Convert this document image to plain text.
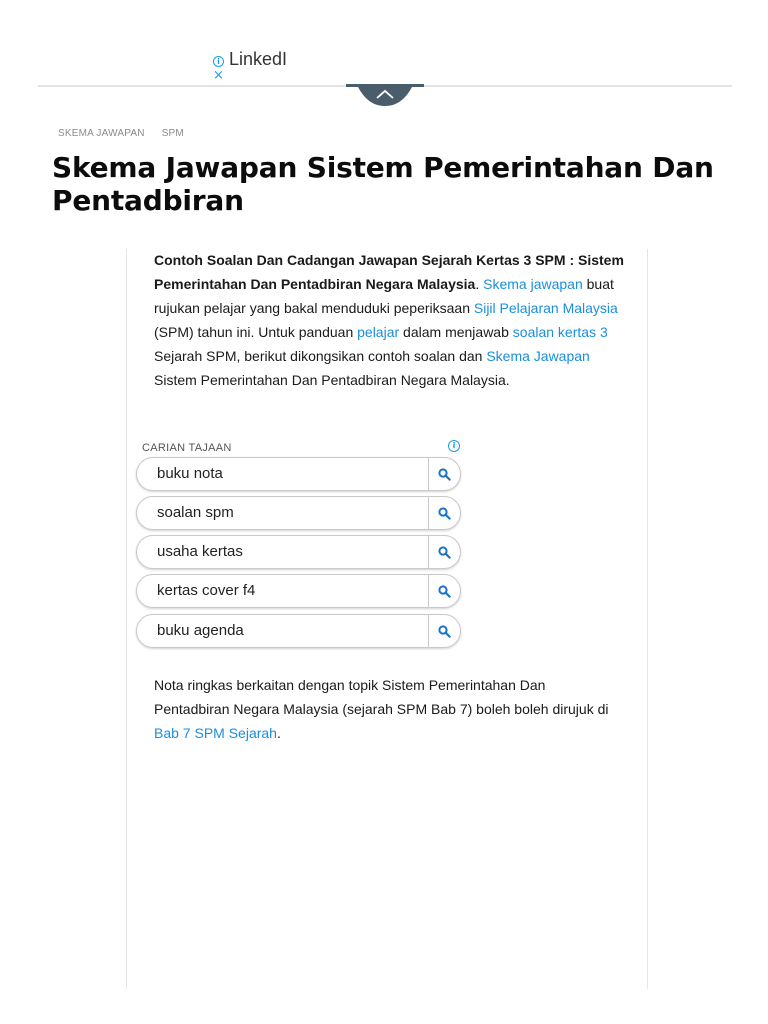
i
×
LinkedI
SKEMA JAWAPAN SPM
Skema Jawapan Sistem Pemerintahan Dan Pentadbiran

Contoh Soalan Dan Cadangan Jawapan Sejarah Kertas 3 SPM : Sistem Pemerintahan Dan Pentadbiran Negara Malaysia. Skema jawapan buat rujukan pelajar yang bakal menduduki peperiksaan Sijil Pelajaran Malaysia (SPM) tahun ini. Untuk panduan pelajar dalam menjawab soalan kertas 3 Sejarah SPM, berikut dikongsikan contoh soalan dan Skema Jawapan Sistem Pemerintahan Dan Pentadbiran Negara Malaysia.

CARIAN TAJAAN	i
buku nota
soalan spm
usaha kertas
kertas cover f4
buku agenda

Nota ringkas berkaitan dengan topik Sistem Pemerintahan Dan Pentadbiran Negara Malaysia (sejarah SPM Bab 7) boleh boleh dirujuk di Bab 7 SPM Sejarah.
